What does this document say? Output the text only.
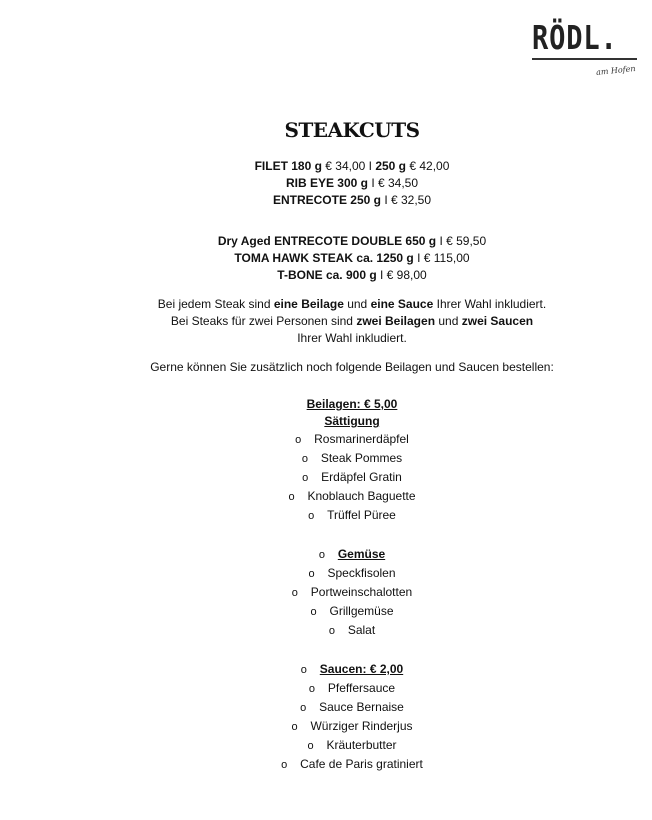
RÖDL.
am Hofen
STEAKCUTS
FILET 180 g € 34,00 I 250 g € 42,00
RIB EYE 300 g I € 34,50
ENTRECOTE 250 g I € 32,50
Dry Aged ENTRECOTE DOUBLE 650 g I € 59,50
TOMA HAWK STEAK ca. 1250 g I € 115,00
T-BONE ca. 900 g I € 98,00
Bei jedem Steak sind eine Beilage und eine Sauce Ihrer Wahl inkludiert.
Bei Steaks für zwei Personen sind zwei Beilagen und zwei Saucen
Ihrer Wahl inkludiert.
Gerne können Sie zusätzlich noch folgende Beilagen und Saucen bestellen:
Beilagen: € 5,00
Sättigung
o Rosmarinerdäpfel
o Steak Pommes
o Erdäpfel Gratin
o Knoblauch Baguette
o Trüffel Püree
o Gemüse
o Speckfisolen
o Portweinschalotten
o Grillgemüse
o Salat
o Saucen: € 2,00
o Pfeffersauce
o Sauce Bernaise
o Würziger Rinderjus
o Kräuterbutter
o Cafe de Paris gratiniert
